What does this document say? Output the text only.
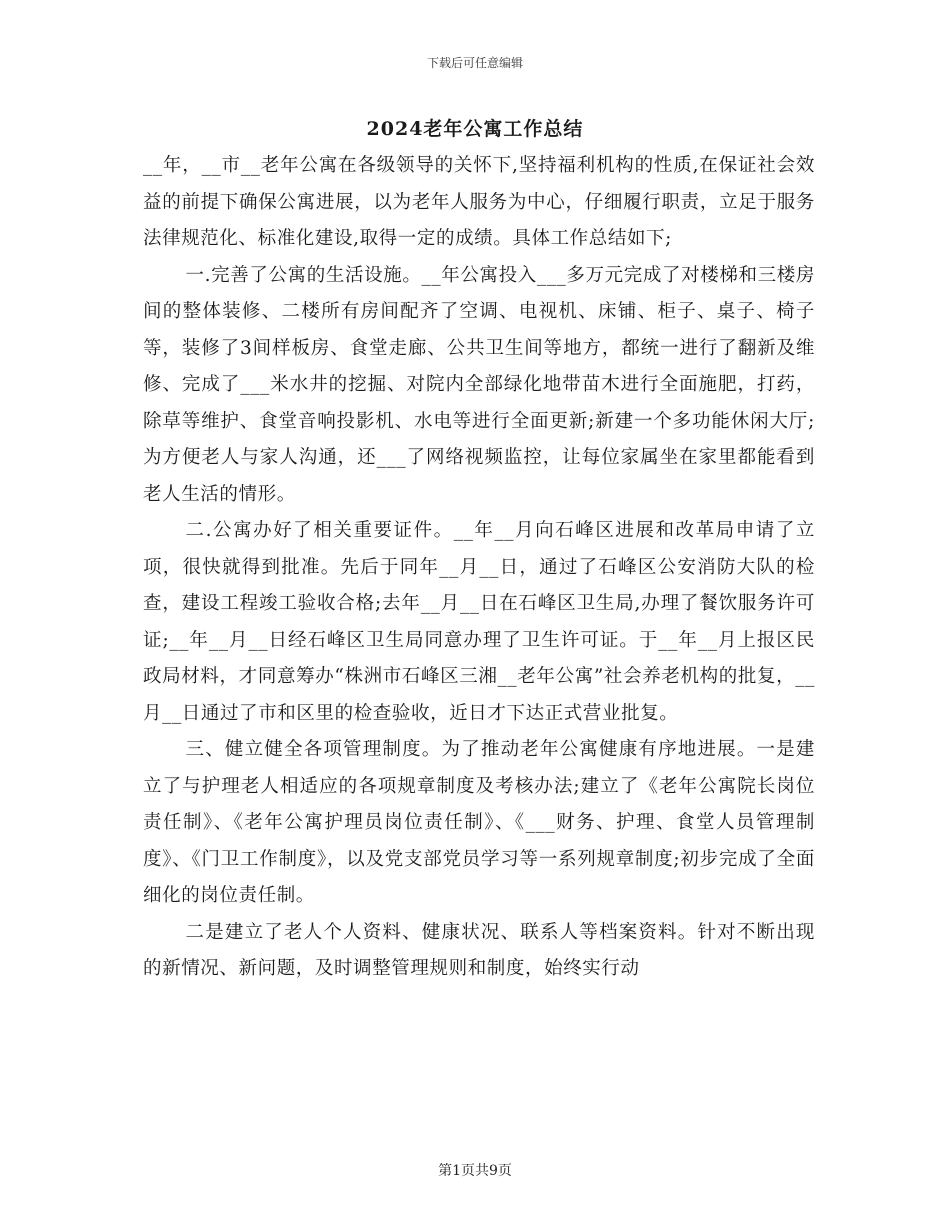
下载后可任意编辑
2024老年公寓工作总结

__年，__市__老年公寓在各级领导的关怀下,坚持福利机构的性质,在保证社会效益的前提下确保公寓进展，以为老年人服务为中心，仔细履行职责，立足于服务法律规范化、标准化建设,取得一定的成绩。具体工作总结如下;

一.完善了公寓的生活设施。__年公寓投入___多万元完成了对楼梯和三楼房间的整体装修、二楼所有房间配齐了空调、电视机、床铺、柜子、桌子、椅子等，装修了3间样板房、食堂走廊、公共卫生间等地方，都统一进行了翻新及维修、完成了___米水井的挖掘、对院内全部绿化地带苗木进行全面施肥，打药，除草等维护、食堂音响投影机、水电等进行全面更新;新建一个多功能休闲大厅;为方便老人与家人沟通，还___了网络视频监控，让每位家属坐在家里都能看到老人生活的情形。

二.公寓办好了相关重要证件。__年__月向石峰区进展和改革局申请了立项，很快就得到批准。先后于同年__月__日，通过了石峰区公安消防大队的检查，建设工程竣工验收合格;去年__月__日在石峰区卫生局,办理了餐饮服务许可证;__年__月__日经石峰区卫生局同意办理了卫生许可证。于__年__月上报区民政局材料，才同意筹办“株洲市石峰区三湘__老年公寓”社会养老机构的批复，__月__日通过了市和区里的检查验收，近日才下达正式营业批复。

三、健立健全各项管理制度。为了推动老年公寓健康有序地进展。一是建立了与护理老人相适应的各项规章制度及考核办法;建立了《老年公寓院长岗位责任制》、《老年公寓护理员岗位责任制》、《___财务、护理、食堂人员管理制度》、《门卫工作制度》，以及党支部党员学习等一系列规章制度;初步完成了全面细化的岗位责任制。

二是建立了老人个人资料、健康状况、联系人等档案资料。针对不断出现的新情况、新问题，及时调整管理规则和制度，始终实行动

第1页共9页
